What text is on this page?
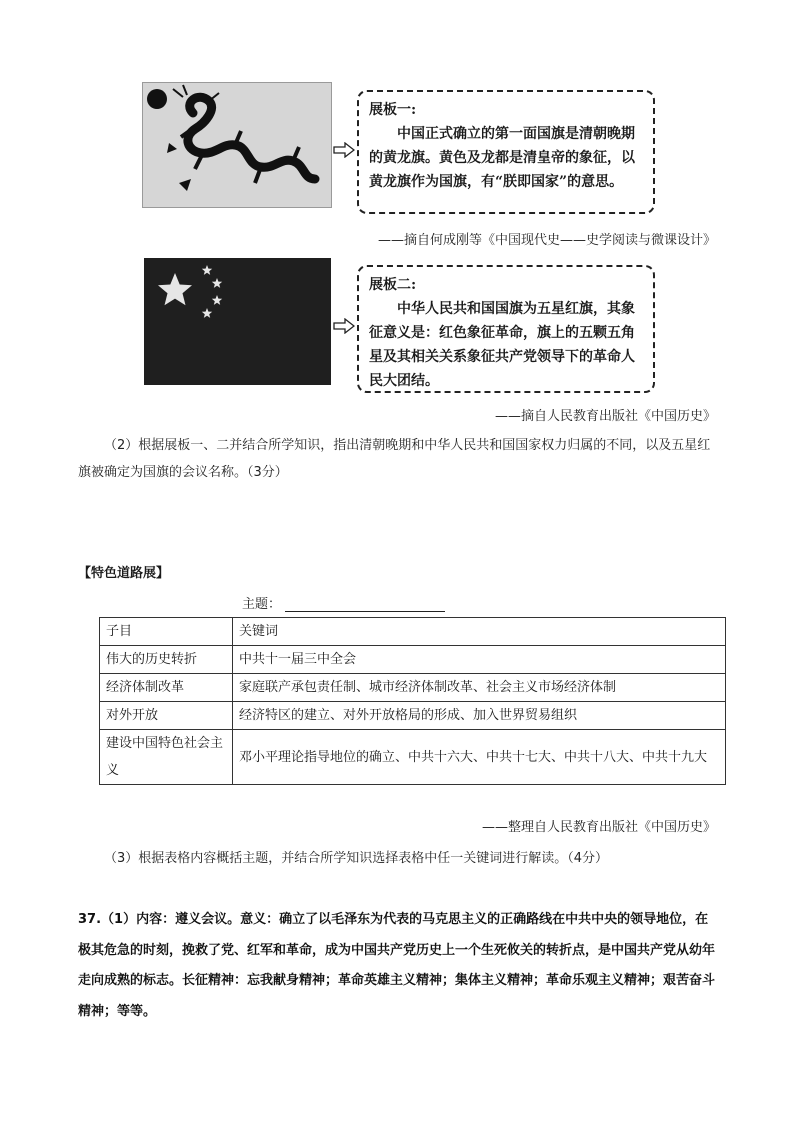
展板一:
中国正式确立的第一面国旗是清朝晚期的黄龙旗。黄色及龙都是清皇帝的象征，以黄龙旗作为国旗，有“朕即国家”的意思。
——摘自何成刚等《中国现代史——史学阅读与微课设计》
展板二:
中华人民共和国国旗为五星红旗，其象征意义是：红色象征革命，旗上的五颗五角星及其相关关系象征共产党领导下的革命人民大团结。
——摘自人民教育出版社《中国历史》
（2）根据展板一、二并结合所学知识，指出清朝晚期和中华人民共和国国家权力归属的不同，以及五星红旗被确定为国旗的会议名称。（3分）
【特色道路展】
主题：
子目	关键词
伟大的历史转折	中共十一届三中全会
经济体制改革	家庭联产承包责任制、城市经济体制改革、社会主义市场经济体制
对外开放	经济特区的建立、对外开放格局的形成、加入世界贸易组织
建设中国特色社会主义	邓小平理论指导地位的确立、中共十六大、中共十七大、中共十八大、中共十九大
——整理自人民教育出版社《中国历史》
（3）根据表格内容概括主题，并结合所学知识选择表格中任一关键词进行解读。（4分）
37.（1）内容：遵义会议。意义：确立了以毛泽东为代表的马克思主义的正确路线在中共中央的领导地位，在极其危急的时刻，挽救了党、红军和革命，成为中国共产党历史上一个生死攸关的转折点，是中国共产党从幼年走向成熟的标志。长征精神：忘我献身精神；革命英雄主义精神；集体主义精神；革命乐观主义精神；艰苦奋斗精神；等等。
